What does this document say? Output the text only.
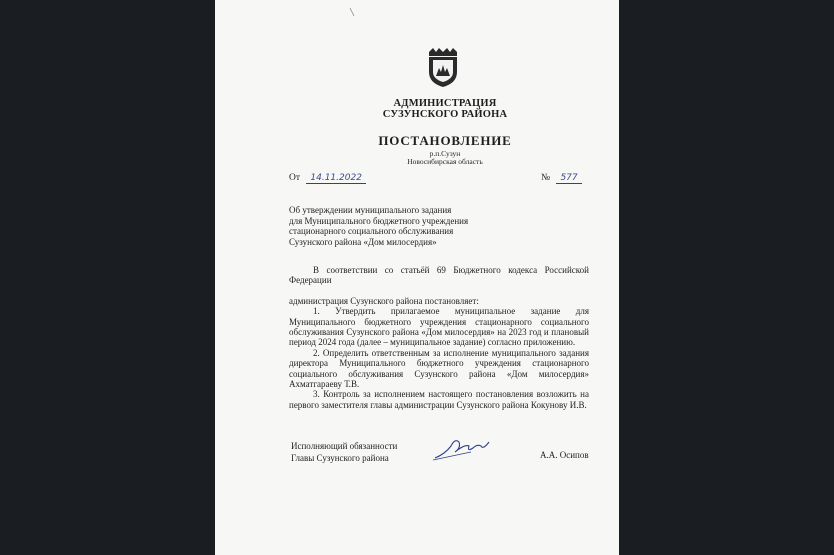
АДМИНИСТРАЦИЯ
СУЗУНСКОГО РАЙОНА
ПОСТАНОВЛЕНИЕ
р.п.Сузун
Новосибирская область
От 14.11.2022	№ 577
Об утверждении муниципального задания
для Муниципального бюджетного учреждения
стационарного социального обслуживания
Сузунского района «Дом милосердия»

В соответствии со статьёй 69 Бюджетного кодекса Российской Федерации

администрация Сузунского района постановляет:

1. Утвердить прилагаемое муниципальное задание для Муниципального бюджетного учреждения стационарного социального обслуживания Сузунского района «Дом милосердия» на 2023 год и плановый период 2024 года (далее – муниципальное задание) согласно приложению.

2. Определить ответственным за исполнение муниципального задания директора Муниципального бюджетного учреждения стационарного социального обслуживания Сузунского района «Дом милосердия» Ахматгараеву Т.В.

3. Контроль за исполнением настоящего постановления возложить на первого заместителя главы администрации Сузунского района Кокунову И.В.

Исполняющий обязанности
Главы Сузунского района	А.А. Осипов
